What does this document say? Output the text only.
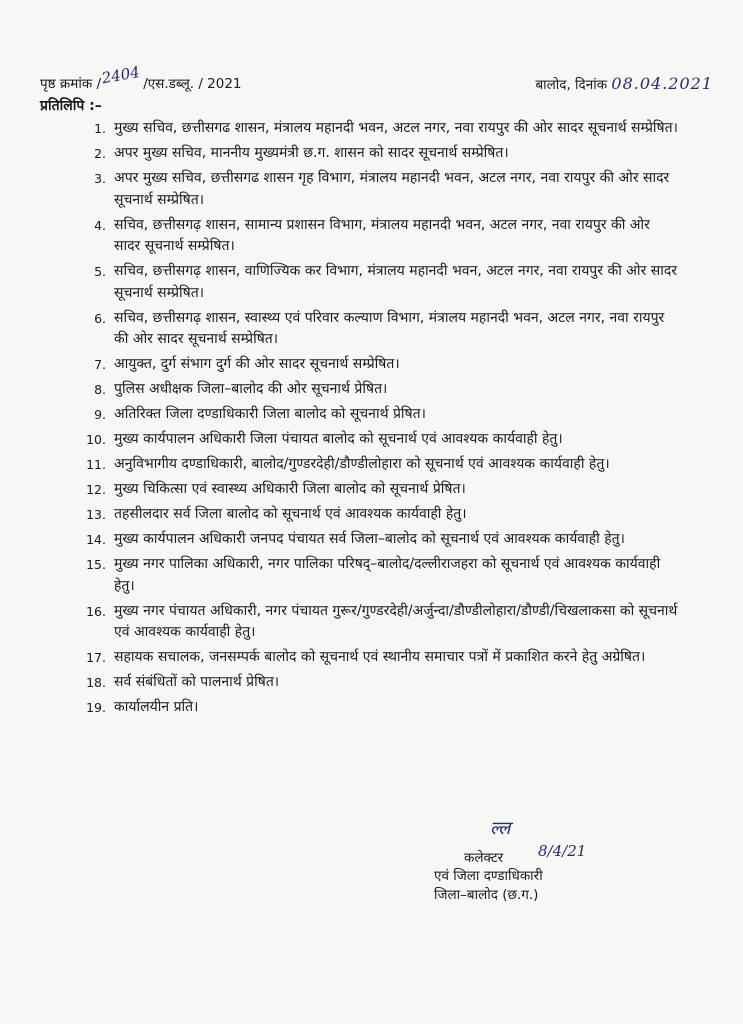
पृष्ठ क्रमांक /2404 /एस.डब्लू. / 2021	बालोद, दिनांक 08.04.2021
प्रतिलिपि :–
1. मुख्य सचिव, छत्तीसगढ शासन, मंत्रालय महानदी भवन, अटल नगर, नवा रायपुर की ओर सादर सूचनार्थ सम्प्रेषित।
2. अपर मुख्य सचिव, माननीय मुख्यमंत्री छ.ग. शासन को सादर सूचनार्थ सम्प्रेषित।
3. अपर मुख्य सचिव, छत्तीसगढ शासन गृह विभाग, मंत्रालय महानदी भवन, अटल नगर, नवा रायपुर की ओर सादर सूचनार्थ सम्प्रेषित।
4. सचिव, छत्तीसगढ़ शासन, सामान्य प्रशासन विभाग, मंत्रालय महानदी भवन, अटल नगर, नवा रायपुर की ओर सादर सूचनार्थ सम्प्रेषित।
5. सचिव, छत्तीसगढ़ शासन, वाणिज्यिक कर विभाग, मंत्रालय महानदी भवन, अटल नगर, नवा रायपुर की ओर सादर सूचनार्थ सम्प्रेषित।
6. सचिव, छत्तीसगढ़ शासन, स्वास्थ्य एवं परिवार कल्याण विभाग, मंत्रालय महानदी भवन, अटल नगर, नवा रायपुर की ओर सादर सूचनार्थ सम्प्रेषित।
7. आयुक्त, दुर्ग संभाग दुर्ग की ओर सादर सूचनार्थ सम्प्रेषित।
8. पुलिस अधीक्षक जिला–बालोद की ओर सूचनार्थ प्रेषित।
9. अतिरिक्त जिला दण्डाधिकारी जिला बालोद को सूचनार्थ प्रेषित।
10. मुख्य कार्यपालन अधिकारी जिला पंचायत बालोद को सूचनार्थ एवं आवश्यक कार्यवाही हेतु।
11. अनुविभागीय दण्डाधिकारी, बालोद/गुण्डरदेही/डौण्डीलोहारा को सूचनार्थ एवं आवश्यक कार्यवाही हेतु।
12. मुख्य चिकित्सा एवं स्वास्थ्य अधिकारी जिला बालोद को सूचनार्थ प्रेषित।
13. तहसीलदार सर्व जिला बालोद को सूचनार्थ एवं आवश्यक कार्यवाही हेतु।
14. मुख्य कार्यपालन अधिकारी जनपद पंचायत सर्व जिला–बालोद को सूचनार्थ एवं आवश्यक कार्यवाही हेतु।
15. मुख्य नगर पालिका अधिकारी, नगर पालिका परिषद्–बालोद/दल्लीराजहरा को सूचनार्थ एवं आवश्यक कार्यवाही हेतु।
16. मुख्य नगर पंचायत अधिकारी, नगर पंचायत गुरूर/गुण्डरदेही/अर्जुन्दा/डौण्डीलोहारा/डौण्डी/चिखलाकसा को सूचनार्थ एवं आवश्यक कार्यवाही हेतु।
17. सहायक सचालक, जनसम्पर्क बालोद को सूचनार्थ एवं स्थानीय समाचार पत्रों में प्रकाशित करने हेतु अग्रेषित।
18. सर्व संबंधितों को पालनार्थ प्रेषित।
19. कार्यालयीन प्रति।
ल्ल
कलेक्टर 8/4/21
एवं जिला दण्डाधिकारी
जिला–बालोद (छ.ग.)
